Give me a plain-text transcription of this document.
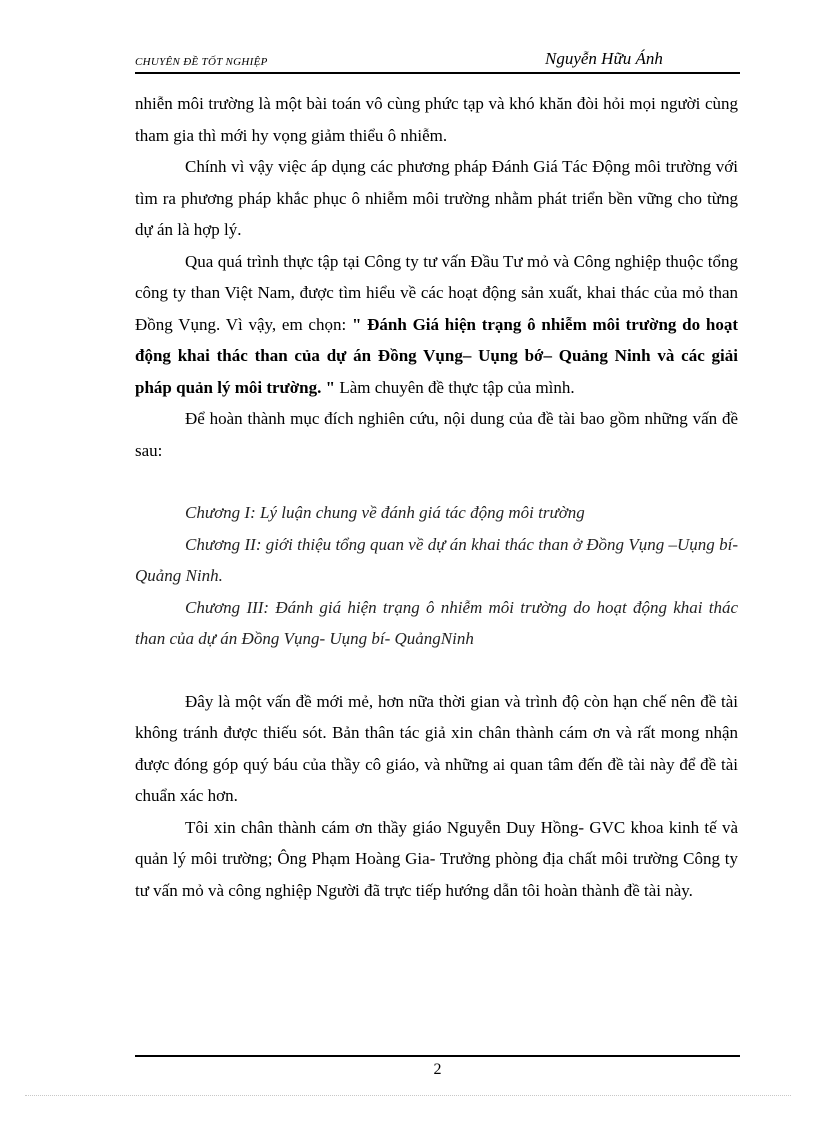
CHUYÊN ĐỀ TỐT NGHIỆP	Nguyễn Hữu Ánh

nhiễn môi trường là một bài toán vô cùng phức tạp và khó khăn đòi hỏi mọi người cùng tham gia thì mới hy vọng giảm thiểu ô nhiễm.

Chính vì vậy việc áp dụng các phương pháp Đánh Giá Tác Động môi trường với tìm ra phương pháp khắc phục ô nhiễm môi trường nhằm phát triển bền vững cho từng dự án là hợp lý.

Qua quá trình thực tập tại Công ty tư vấn Đầu Tư mỏ và Công nghiệp thuộc tổng công ty than Việt Nam, được tìm hiểu về các hoạt động sản xuất, khai thác của mỏ than Đồng Vụng. Vì vậy, em chọn: " Đánh Giá hiện trạng ô nhiễm môi trường do hoạt động khai thác than của dự án Đồng Vụng– Uụng bớ– Quảng Ninh và các giải pháp quản lý môi trường. " Làm chuyên đề thực tập của mình.

Để hoàn thành mục đích nghiên cứu, nội dung của đề tài bao gồm những vấn đề sau:

Chương I: Lý luận chung về đánh giá tác động môi trường

Chương II: giới thiệu tổng quan về dự án khai thác than ở Đồng Vụng –Uụng bí- Quảng Ninh.

Chương III: Đánh giá hiện trạng ô nhiễm môi trường do hoạt động khai thác than của dự án Đồng Vụng- Uụng bí- QuảngNinh

Đây là một vấn đề mới mẻ, hơn nữa thời gian và trình độ còn hạn chế nên đề tài không tránh được thiếu sót. Bản thân tác giả xin chân thành cám ơn và rất mong nhận được đóng góp quý báu của thầy cô giáo, và những ai quan tâm đến đề tài này để đề tài chuẩn xác hơn.

Tôi xin chân thành cám ơn thầy giáo Nguyễn Duy Hồng- GVC khoa kinh tế và quản lý môi trường; Ông Phạm Hoàng Gia- Trưởng phòng địa chất môi trường Công ty tư vấn mỏ và công nghiệp Người đã trực tiếp hướng dẫn tôi hoàn thành đề tài này.

2
